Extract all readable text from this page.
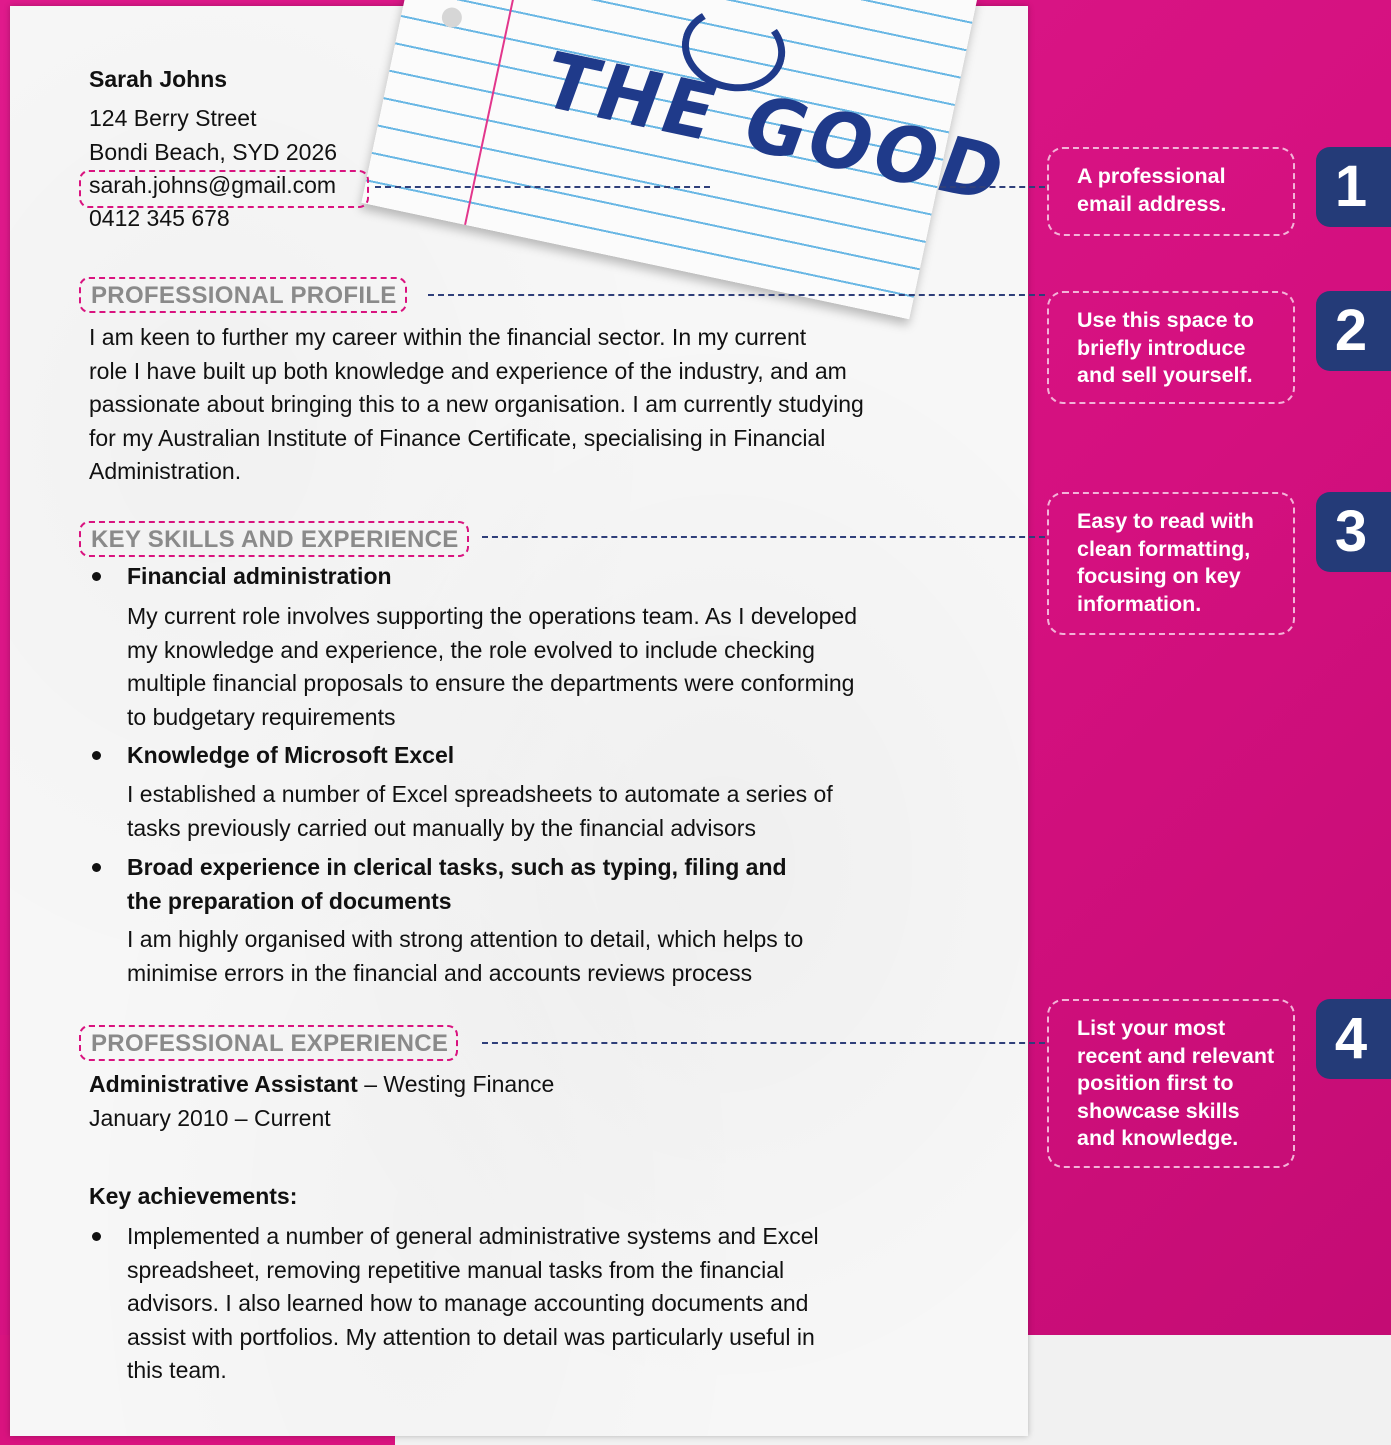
THE GOOD
Sarah Johns
124 Berry Street
Bondi Beach, SYD 2026
sarah.johns@gmail.com
0412 345 678
PROFESSIONAL PROFILE
I am keen to further my career within the financial sector. In my current
role I have built up both knowledge and experience of the industry, and am
passionate about bringing this to a new organisation. I am currently studying
for my Australian Institute of Finance Certificate, specialising in Financial
Administration.
KEY SKILLS AND EXPERIENCE
Financial administration
My current role involves supporting the operations team. As I developed
my knowledge and experience, the role evolved to include checking
multiple financial proposals to ensure the departments were conforming
to budgetary requirements
Knowledge of Microsoft Excel
I established a number of Excel spreadsheets to automate a series of
tasks previously carried out manually by the financial advisors
Broad experience in clerical tasks, such as typing, filing and
the preparation of documents
I am highly organised with strong attention to detail, which helps to
minimise errors in the financial and accounts reviews process
PROFESSIONAL EXPERIENCE
Administrative Assistant – Westing Finance
January 2010 – Current
Key achievements:
Implemented a number of general administrative systems and Excel
spreadsheet, removing repetitive manual tasks from the financial
advisors. I also learned how to manage accounting documents and
assist with portfolios. My attention to detail was particularly useful in
this team.
A professional
email address.	1
Use this space to
briefly introduce
and sell yourself.
2
Easy to read with
clean formatting,
focusing on key
information.
3
List your most
recent and relevant
position first to
showcase skills
and knowledge.
4
